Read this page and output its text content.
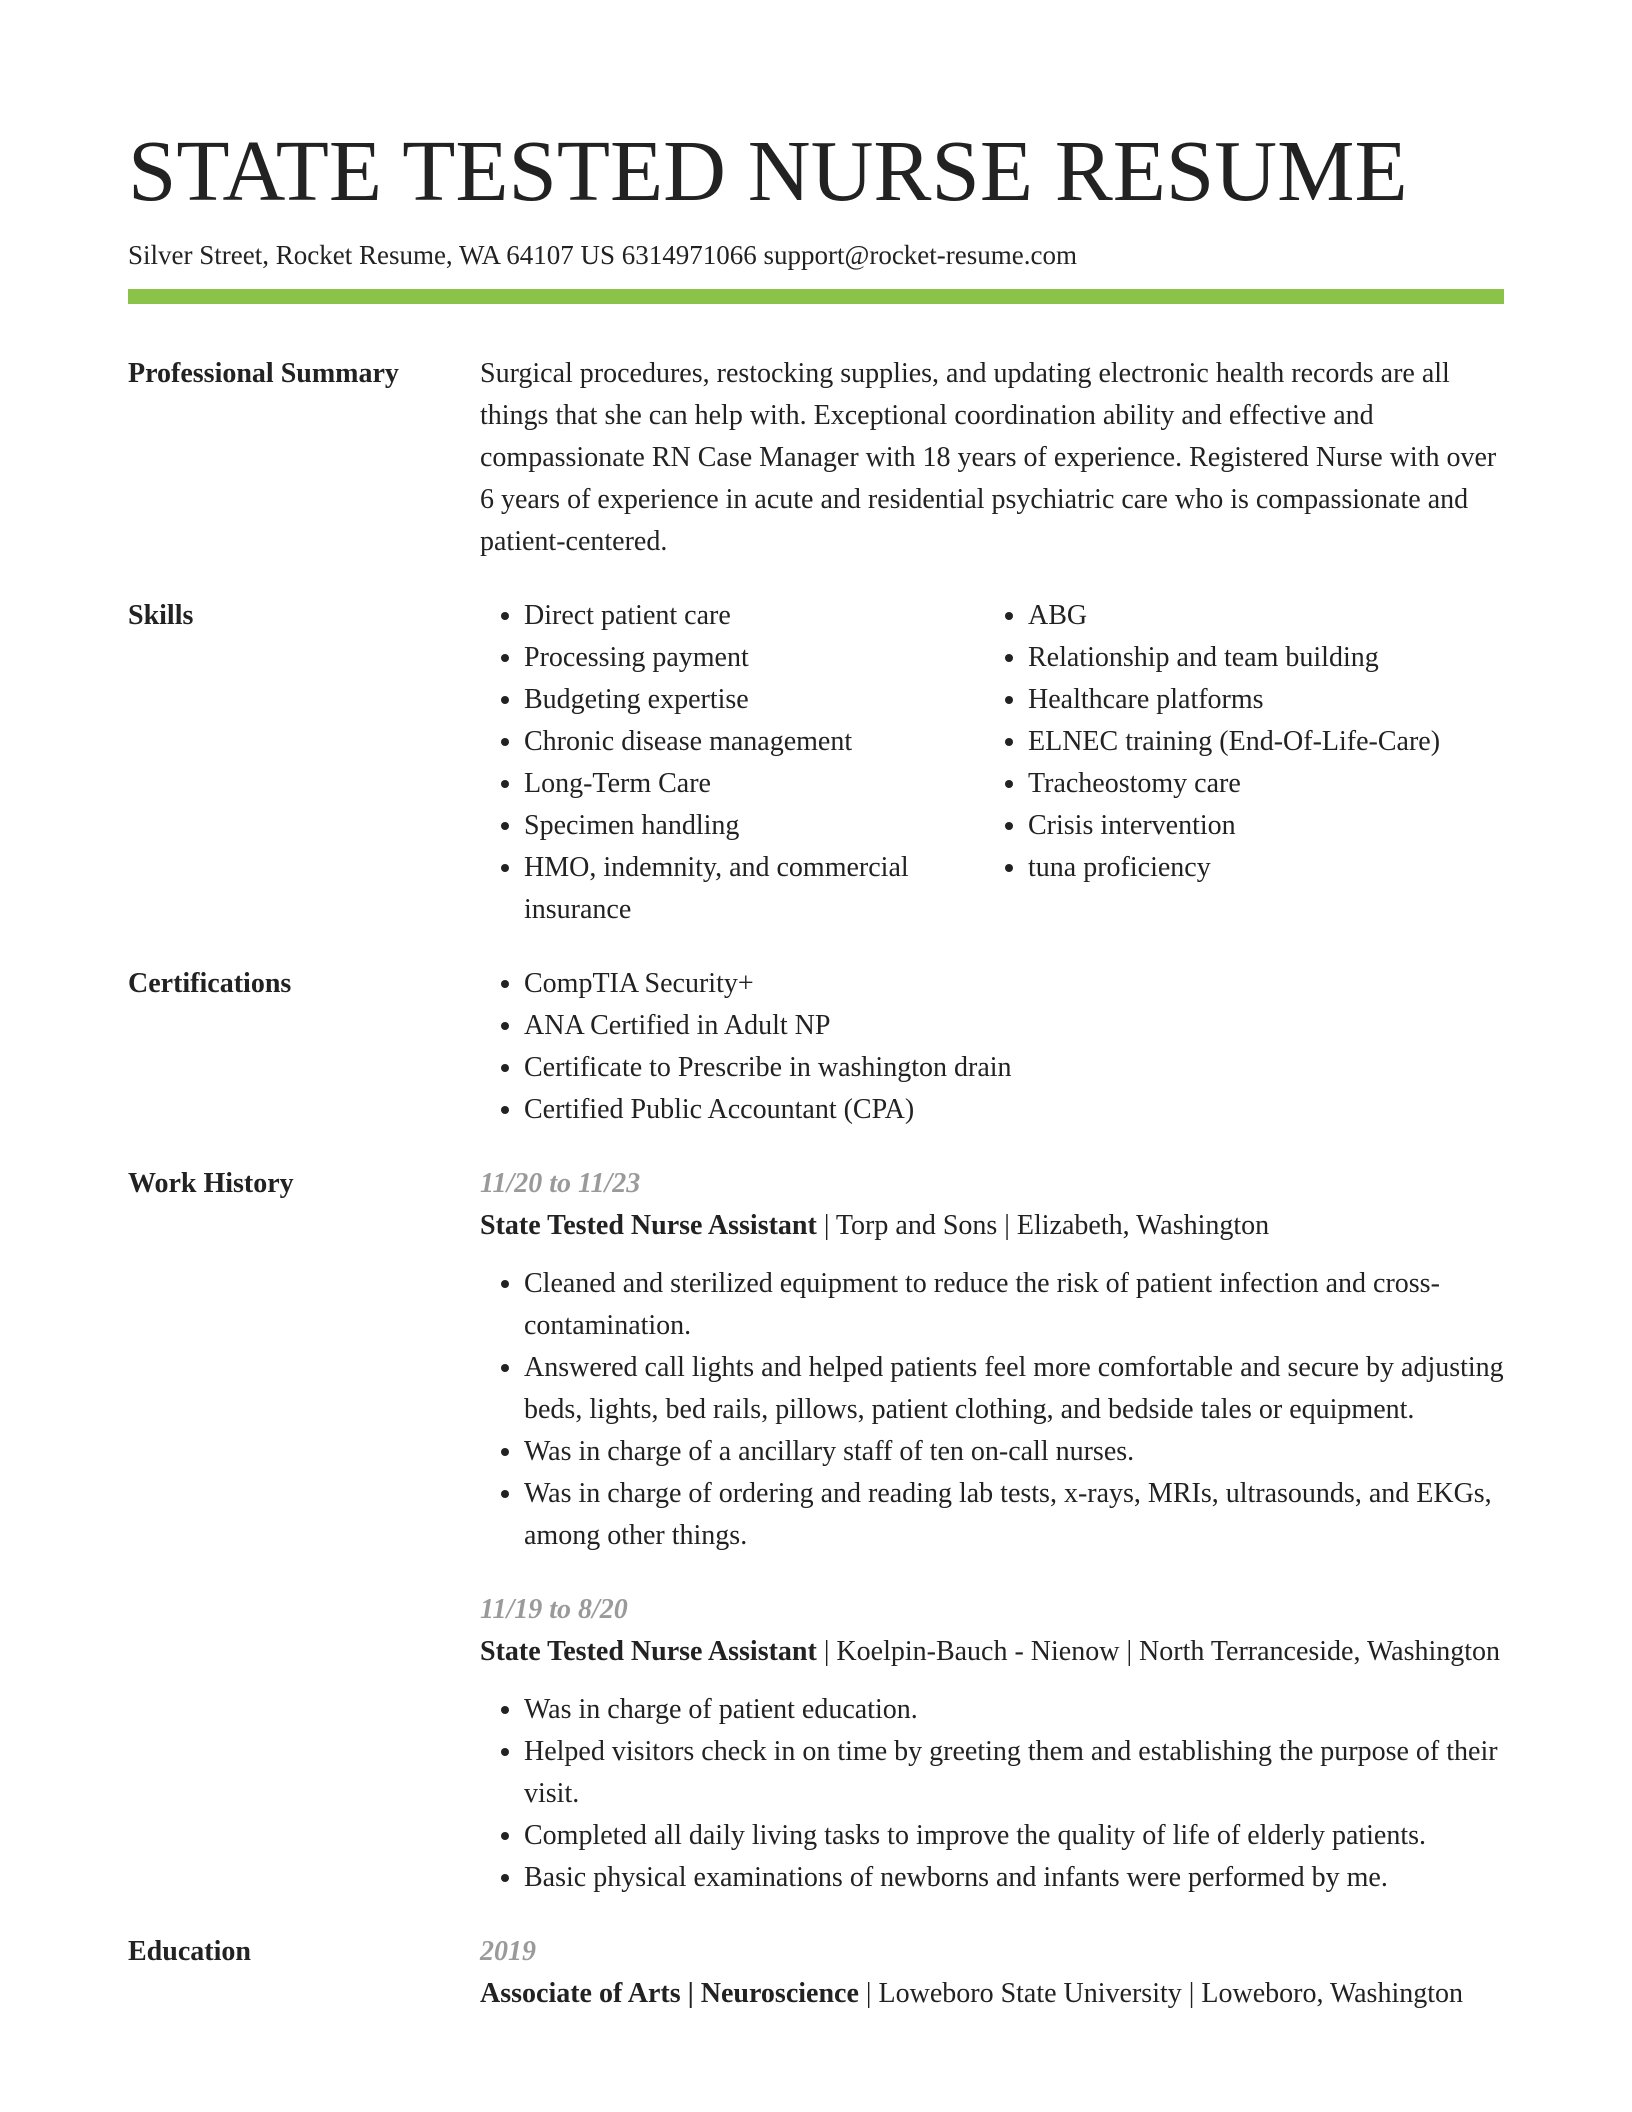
STATE TESTED NURSE RESUME
Silver Street, Rocket Resume, WA 64107 US 6314971066 support@rocket-resume.com
Professional Summary	Surgical procedures, restocking supplies, and updating electronic health records are all things that she can help with. Exceptional coordination ability and effective and compassionate RN Case Manager with 18 years of experience. Registered Nurse with over 6 years of experience in acute and residential psychiatric care who is compassionate and patient-centered.

Skills	• Direct patient care
• Processing payment
• Budgeting expertise
• Chronic disease management
• Long-Term Care
• Specimen handling
• HMO, indemnity, and commercial insurance
• ABG
• Relationship and team building
• Healthcare platforms
• ELNEC training (End-Of-Life-Care)
• Tracheostomy care
• Crisis intervention
• tuna proficiency
Certifications	• CompTIA Security+
• ANA Certified in Adult NP
• Certificate to Prescribe in washington drain
• Certified Public Accountant (CPA)
Work History	11/20 to 11/23

State Tested Nurse Assistant | Torp and Sons | Elizabeth, Washington

• Cleaned and sterilized equipment to reduce the risk of patient infection and cross-contamination.
• Answered call lights and helped patients feel more comfortable and secure by adjusting beds, lights, bed rails, pillows, patient clothing, and bedside tales or equipment.
• Was in charge of a ancillary staff of ten on-call nurses.
• Was in charge of ordering and reading lab tests, x-rays, MRIs, ultrasounds, and EKGs, among other things.
11/19 to 8/20

State Tested Nurse Assistant | Koelpin-Bauch - Nienow | North Terranceside, Washington

• Was in charge of patient education.
• Helped visitors check in on time by greeting them and establishing the purpose of their visit.
• Completed all daily living tasks to improve the quality of life of elderly patients.
• Basic physical examinations of newborns and infants were performed by me.
Education	2019

Associate of Arts | Neuroscience | Loweboro State University | Loweboro, Washington
